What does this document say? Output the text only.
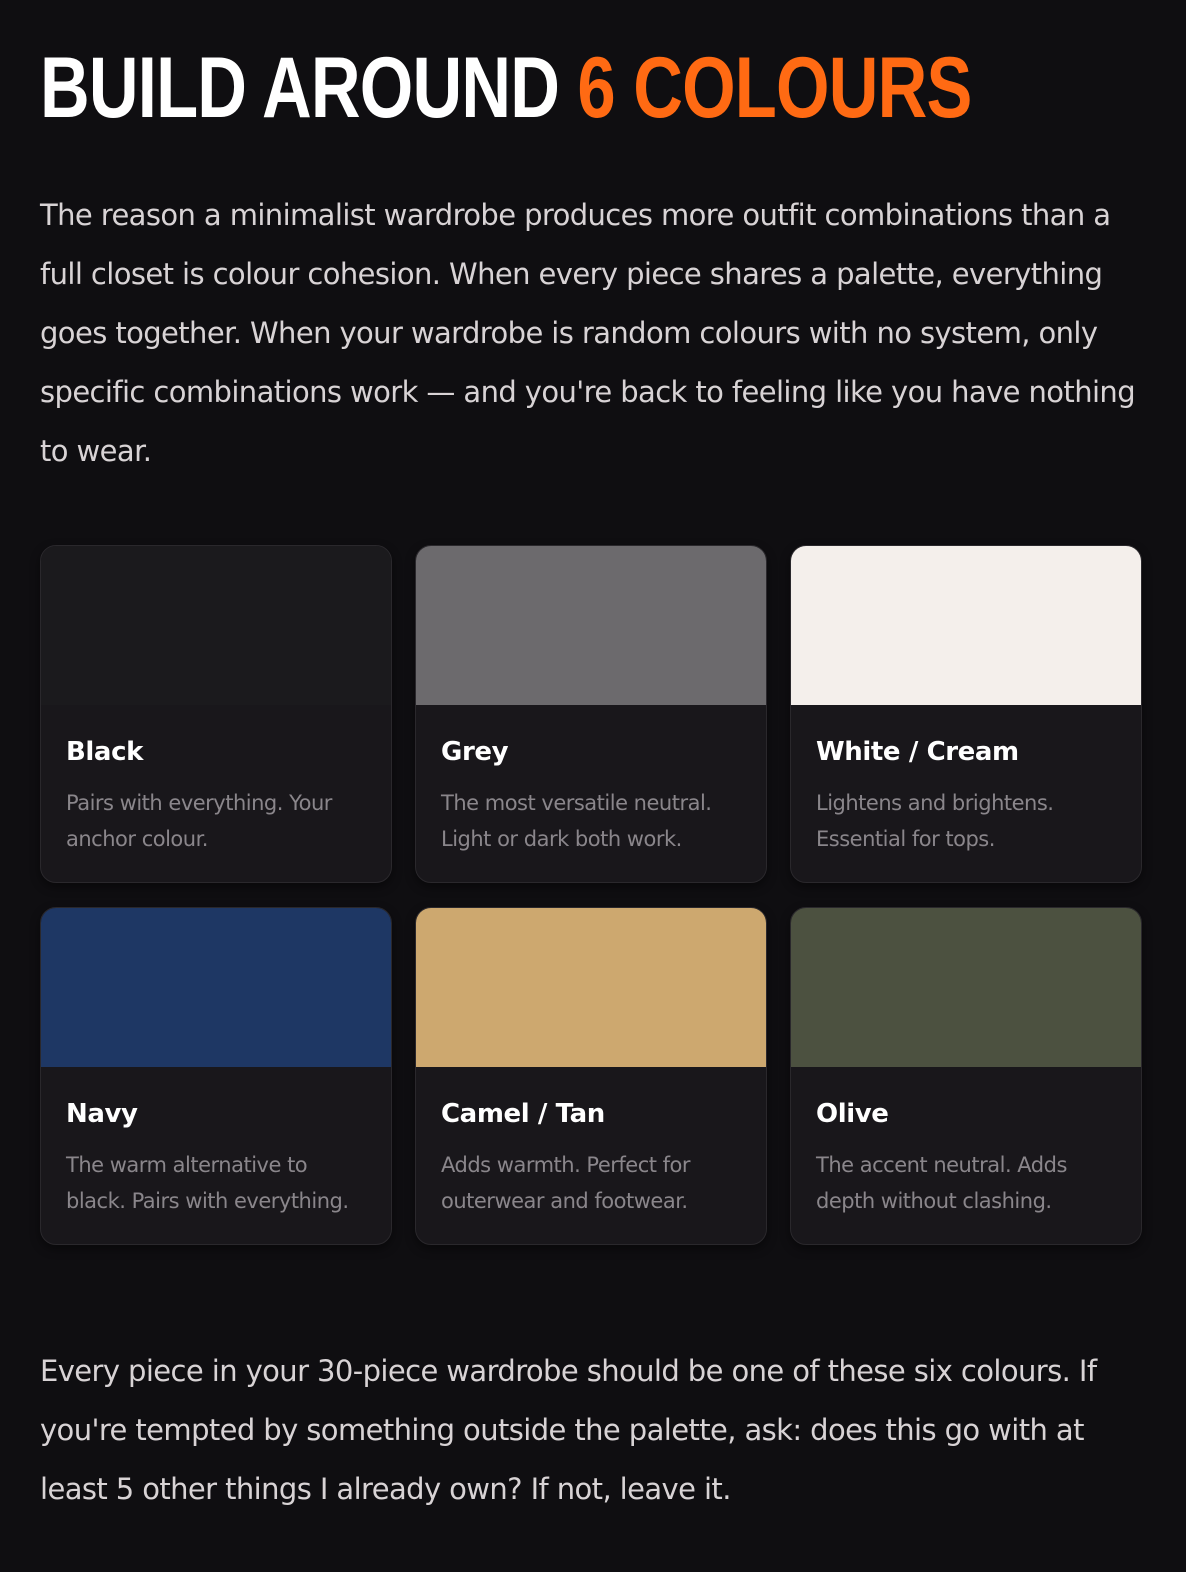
BUILD AROUND 6 COLOURS

The reason a minimalist wardrobe produces more outfit combinations than a full closet is colour cohesion. When every piece shares a palette, everything goes together. When your wardrobe is random colours with no system, only specific combinations work — and you're back to feeling like you have nothing to wear.

Black

Pairs with everything. Your anchor colour.

Grey

The most versatile neutral. Light or dark both work.

White / Cream

Lightens and brightens. Essential for tops.

Navy

The warm alternative to black. Pairs with everything.

Camel / Tan

Adds warmth. Perfect for outerwear and footwear.

Olive

The accent neutral. Adds depth without clashing.

Every piece in your 30-piece wardrobe should be one of these six colours. If you're tempted by something outside the palette, ask: does this go with at least 5 other things I already own? If not, leave it.
